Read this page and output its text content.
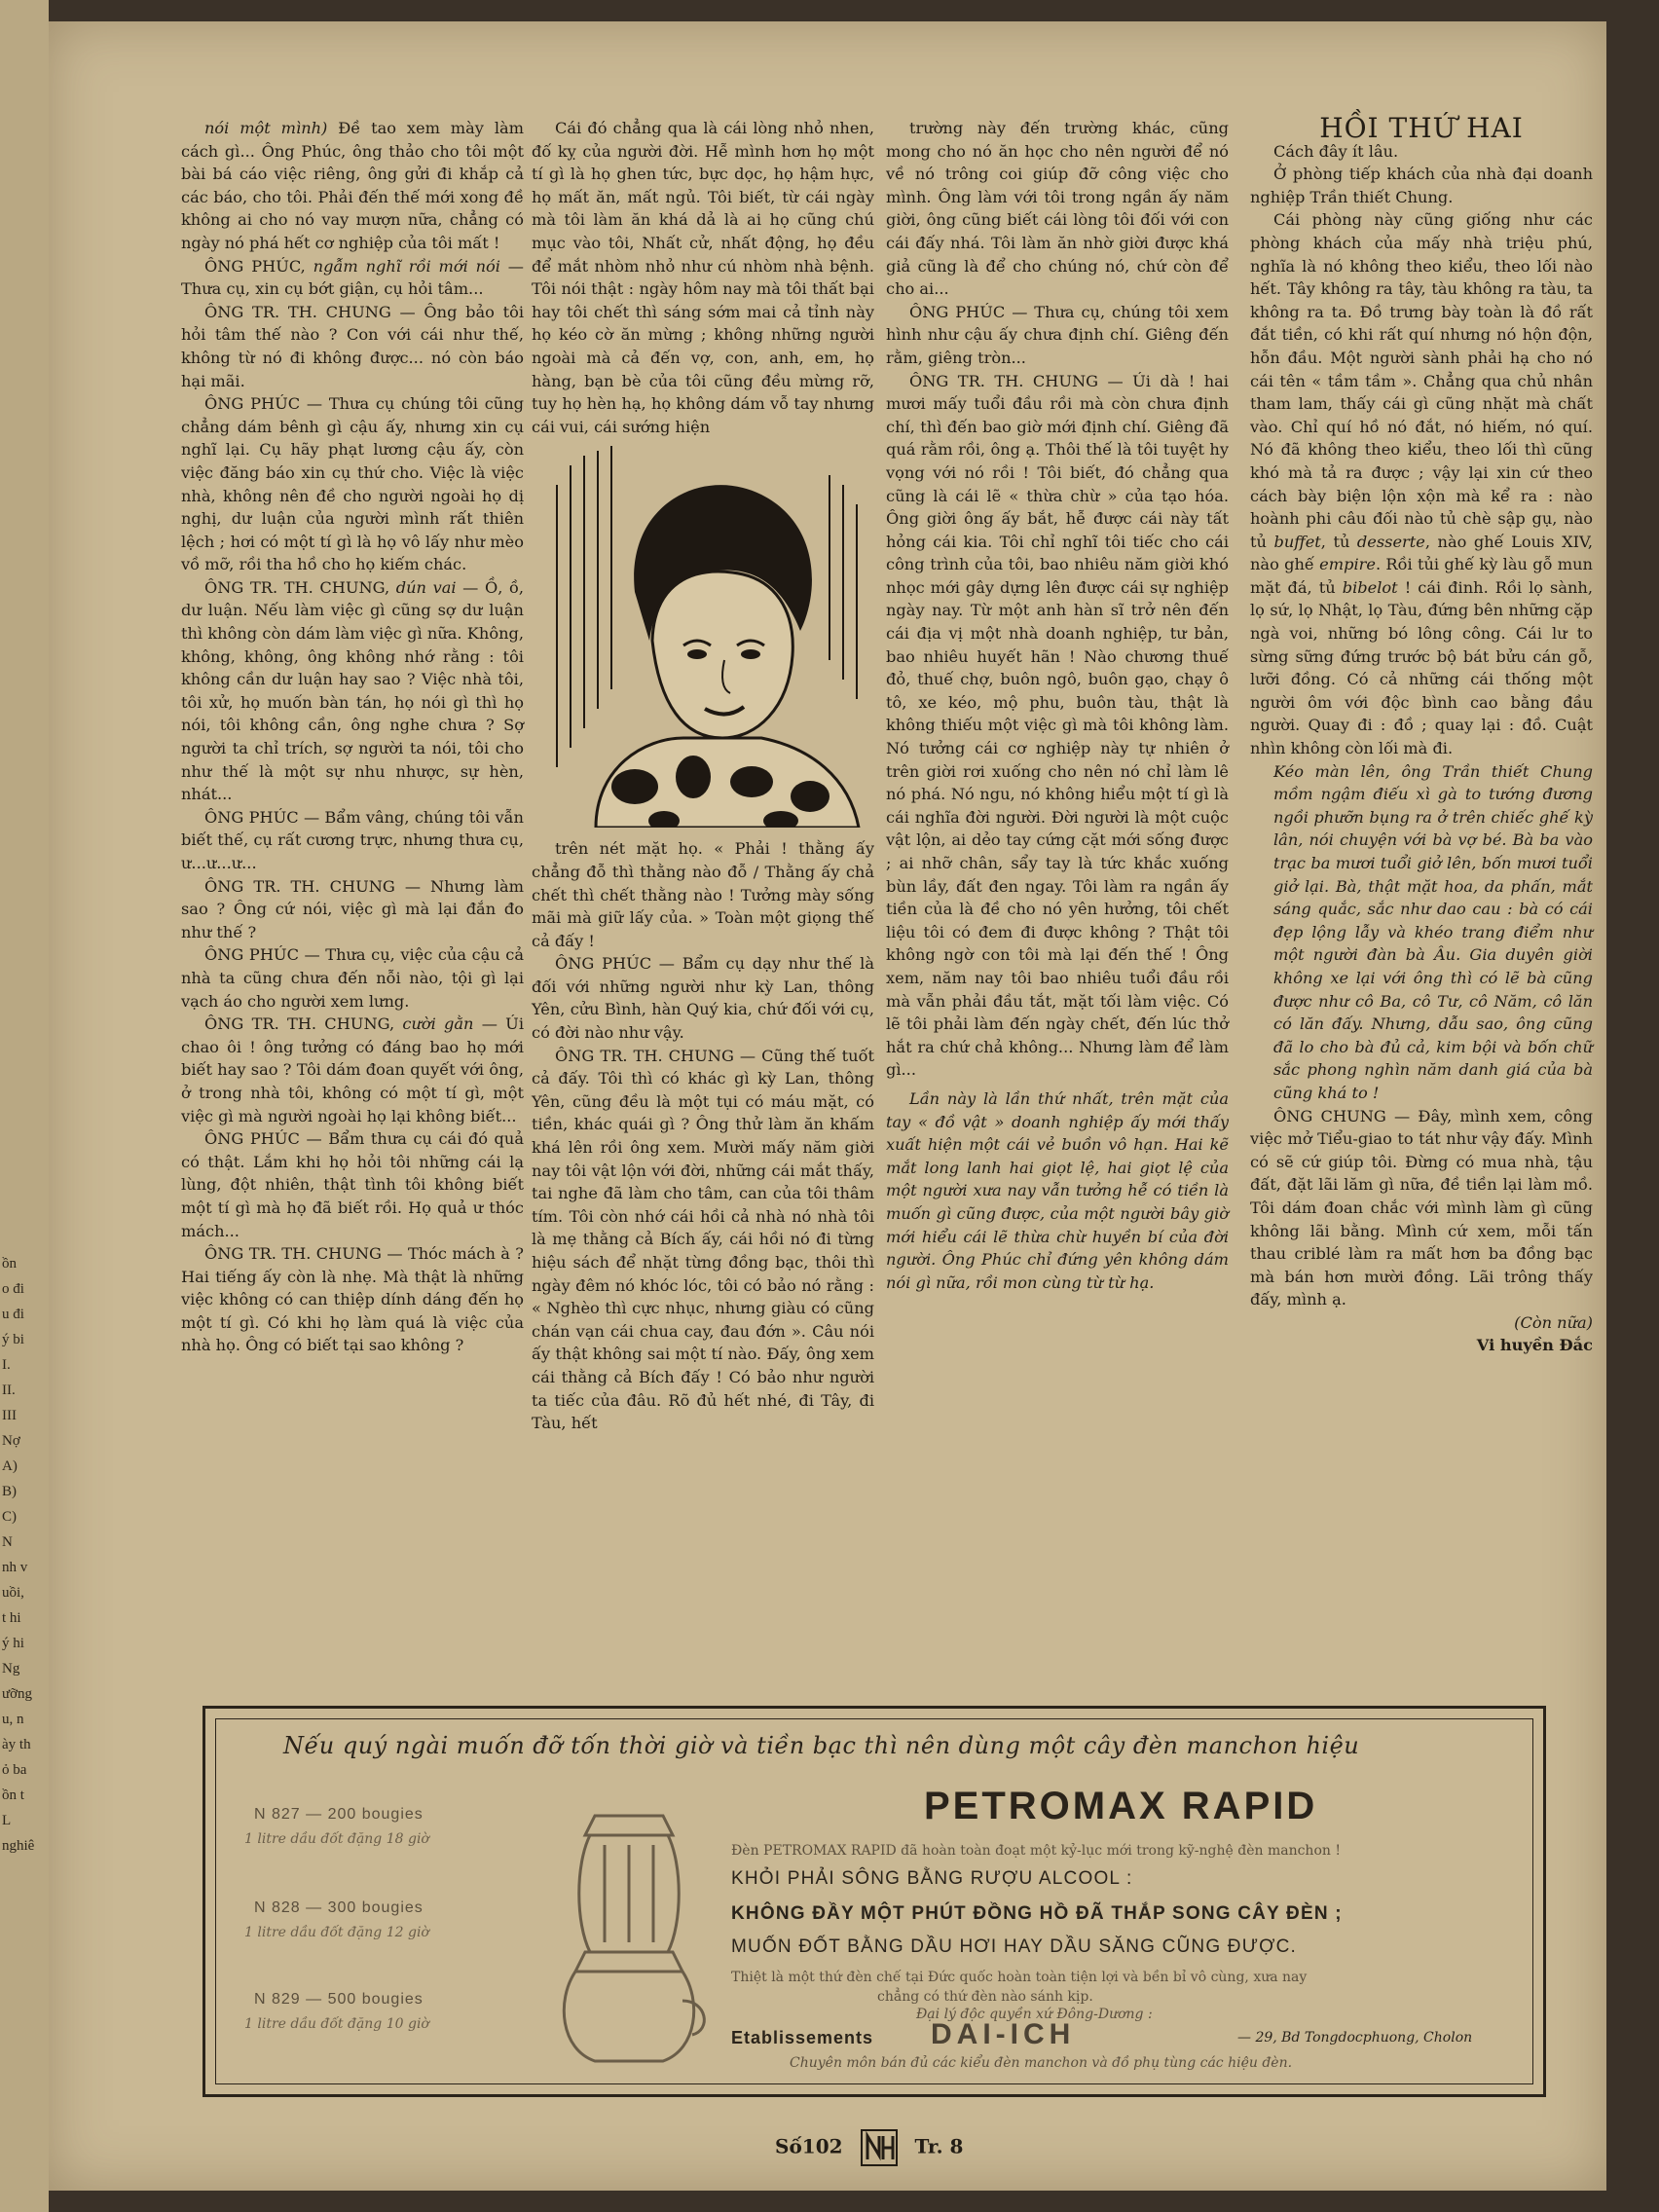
ồn
o đi
u đi
ý bi
I.
II.
III
Nợ
A)
B)
C)
N
nh v
uồi,
t hi
ý hi
Ng
ưỡng
u, n
ày th
ỏ ba
ồn t
L
nghiê

nói một mình) Đề tao xem mày làm cách gì... Ông Phúc, ông thảo cho tôi một bài bá cáo việc riêng, ông gửi đi khắp cả các báo, cho tôi. Phải đến thế mới xong đề không ai cho nó vay mượn nữa, chẳng có ngày nó phá hết cơ nghiệp của tôi mất !

ÔNG PHÚC, ngẫm nghĩ rồi mới nói — Thưa cụ, xin cụ bớt giận, cụ hỏi tâm...

ÔNG TR. TH. CHUNG — Ông bảo tôi hỏi tâm thế nào ? Con với cái như thế, không từ nó đi không được... nó còn báo hại mãi.

ÔNG PHÚC — Thưa cụ chúng tôi cũng chẳng dám bênh gì cậu ấy, nhưng xin cụ nghĩ lại. Cụ hãy phạt lương cậu ấy, còn việc đăng báo xin cụ thứ cho. Việc là việc nhà, không nên đề cho người ngoài họ dị nghị, dư luận của người mình rất thiên lệch ; hơi có một tí gì là họ vô lấy như mèo vồ mỡ, rồi tha hồ cho họ kiếm chác.

ÔNG TR. TH. CHUNG, dún vai — Ồ, ồ, dư luận. Nếu làm việc gì cũng sợ dư luận thì không còn dám làm việc gì nữa. Không, không, không, ông không nhớ rằng : tôi không cần dư luận hay sao ? Việc nhà tôi, tôi xử, họ muốn bàn tán, họ nói gì thì họ nói, tôi không cần, ông nghe chưa ? Sợ người ta chỉ trích, sợ người ta nói, tôi cho như thế là một sự nhu nhược, sự hèn, nhát...

ÔNG PHÚC — Bẩm vâng, chúng tôi vẫn biết thế, cụ rất cương trực, nhưng thưa cụ, ư...ư...ư...

ÔNG TR. TH. CHUNG — Nhưng làm sao ? Ông cứ nói, việc gì mà lại đắn đo như thế ?

ÔNG PHÚC — Thưa cụ, việc của cậu cả nhà ta cũng chưa đến nỗi nào, tội gì lại vạch áo cho người xem lưng.

ÔNG TR. TH. CHUNG, cười gằn — Úi chao ôi ! ông tưởng có đáng bao họ mới biết hay sao ? Tôi dám đoan quyết với ông, ở trong nhà tôi, không có một tí gì, một việc gì mà người ngoài họ lại không biết...

ÔNG PHÚC — Bẩm thưa cụ cái đó quả có thật. Lắm khi họ hỏi tôi những cái lạ lùng, đột nhiên, thật tình tôi không biết một tí gì mà họ đã biết rồi. Họ quả ư thóc mách...

ÔNG TR. TH. CHUNG — Thóc mách à ? Hai tiếng ấy còn là nhẹ. Mà thật là những việc không có can thiệp dính dáng đến họ một tí gì. Có khi họ làm quá là việc của nhà họ. Ông có biết tại sao không ?

Cái đó chẳng qua là cái lòng nhỏ nhen, đố kỵ của người đời. Hễ mình hơn họ một tí gì là họ ghen tức, bực dọc, họ hậm hực, họ mất ăn, mất ngủ. Tôi biết, từ cái ngày mà tôi làm ăn khá dả là ai họ cũng chú mục vào tôi, Nhất cử, nhất động, họ đều để mắt nhòm nhỏ như cú nhòm nhà bệnh. Tôi nói thật : ngày hôm nay mà tôi thất bại hay tôi chết thì sáng sớm mai cả tỉnh này họ kéo cờ ăn mừng ; không những người ngoài mà cả đến vợ, con, anh, em, họ hàng, bạn bè của tôi cũng đều mừng rỡ, tuy họ hèn hạ, họ không dám vỗ tay nhưng cái vui, cái sướng hiện

trên nét mặt họ. « Phải ! thằng ấy chẳng đỗ thì thằng nào đỗ / Thằng ấy chả chết thì chết thằng nào ! Tưởng mày sống mãi mà giữ lấy của. » Toàn một giọng thế cả đấy !

ÔNG PHÚC — Bẩm cụ dạy như thế là đối với những người như kỳ Lan, thông Yên, cửu Bình, hàn Quý kia, chứ đối với cụ, có đời nào như vậy.

ÔNG TR. TH. CHUNG — Cũng thế tuốt cả đấy. Tôi thì có khác gì kỳ Lan, thông Yên, cũng đều là một tụi có máu mặt, có tiền, khác quái gì ? Ông thử làm ăn khấm khá lên rồi ông xem. Mười mấy năm giời nay tôi vật lộn với đời, những cái mắt thấy, tai nghe đã làm cho tâm, can của tôi thâm tím. Tôi còn nhớ cái hồi cả nhà nó nhà tôi là mẹ thằng cả Bích ấy, cái hồi nó đi từng hiệu sách để nhặt từng đồng bạc, thôi thì ngày đêm nó khóc lóc, tôi có bảo nó rằng : « Nghèo thì cực nhục, nhưng giàu có cũng chán vạn cái chua cay, đau đớn ». Câu nói ấy thật không sai một tí nào. Đấy, ông xem cái thằng cả Bích đấy ! Có bảo như người ta tiếc của đâu. Rõ đủ hết nhé, đi Tây, đi Tàu, hết

trường này đến trường khác, cũng mong cho nó ăn học cho nên người để nó về nó trông coi giúp đỡ công việc cho mình. Ông làm với tôi trong ngần ấy năm giời, ông cũng biết cái lòng tôi đối với con cái đấy nhá. Tôi làm ăn nhờ giời được khá giả cũng là để cho chúng nó, chứ còn để cho ai...

ÔNG PHÚC — Thưa cụ, chúng tôi xem hình như cậu ấy chưa định chí. Giêng đến rằm, giêng tròn...

ÔNG TR. TH. CHUNG — Úi dà ! hai mươi mấy tuổi đầu rồi mà còn chưa định chí, thì đến bao giờ mới định chí. Giêng đã quá rằm rồi, ông ạ. Thôi thế là tôi tuyệt hy vọng với nó rồi ! Tôi biết, đó chẳng qua cũng là cái lẽ « thừa chừ » của tạo hóa. Ông giời ông ấy bắt, hễ được cái này tất hỏng cái kia. Tôi chỉ nghĩ tôi tiếc cho cái công trình của tôi, bao nhiêu năm giời khó nhọc mới gây dựng lên được cái sự nghiệp ngày nay. Từ một anh hàn sĩ trở nên đến cái địa vị một nhà doanh nghiệp, tư bản, bao nhiêu huyết hãn ! Nào chương thuế đỏ, thuế chợ, buôn ngô, buôn gạo, chạy ô tô, xe kéo, mộ phu, buôn tàu, thật là không thiếu một việc gì mà tôi không làm. Nó tưởng cái cơ nghiệp này tự nhiên ở trên giời rơi xuống cho nên nó chỉ làm lê nó phá. Nó ngu, nó không hiểu một tí gì là cái nghĩa đời người. Đời người là một cuộc vật lộn, ai dẻo tay cứng cặt mới sống được ; ai nhỡ chân, sẩy tay là tức khắc xuống bùn lầy, đất đen ngay. Tôi làm ra ngần ấy tiền của là đề cho nó yên hưởng, tôi chết liệu tôi có đem đi được không ? Thật tôi không ngờ con tôi mà lại đến thế ! Ông xem, năm nay tôi bao nhiêu tuổi đầu rồi mà vẫn phải đầu tắt, mặt tối làm việc. Có lẽ tôi phải làm đến ngày chết, đến lúc thở hắt ra chứ chả không... Nhưng làm để làm gì...

Lần này là lần thứ nhất, trên mặt của tay « đồ vật » doanh nghiệp ấy mới thấy xuất hiện một cái vẻ buồn vô hạn. Hai kẽ mắt long lanh hai giọt lệ, hai giọt lệ của một người xưa nay vẫn tưởng hễ có tiền là muốn gì cũng được, của một người bây giờ mới hiểu cái lẽ thừa chừ huyền bí của đời người. Ông Phúc chỉ đứng yên không dám nói gì nữa, rồi mon cùng từ từ hạ.

HỒI THỨ HAI

Cách đây ít lâu.

Ở phòng tiếp khách của nhà đại doanh nghiệp Trần thiết Chung.

Cái phòng này cũng giống như các phòng khách của mấy nhà triệu phú, nghĩa là nó không theo kiểu, theo lối nào hết. Tây không ra tây, tàu không ra tàu, ta không ra ta. Đồ trưng bày toàn là đồ rất đắt tiền, có khi rất quí nhưng nó hộn độn, hỗn đầu. Một người sành phải hạ cho nó cái tên « tầm tầm ». Chẳng qua chủ nhân tham lam, thấy cái gì cũng nhặt mà chất vào. Chỉ quí hồ nó đắt, nó hiếm, nó quí. Nó đã không theo kiểu, theo lối thì cũng khó mà tả ra được ; vậy lại xin cứ theo cách bày biện lộn xộn mà kể ra : nào hoành phi câu đối nào tủ chè sập gụ, nào tủ buffet, tủ desserte, nào ghế Louis XIV, nào ghế empire. Rồi tủi ghế kỳ làu gỗ mun mặt đá, tủ bibelot ! cái đinh. Rồi lọ sành, lọ sứ, lọ Nhật, lọ Tàu, đứng bên những cặp ngà voi, những bó lông công. Cái lư to sừng sững đứng trước bộ bát bửu cán gỗ, lưỡi đồng. Có cả những cái thống một người ôm với độc bình cao bằng đầu người. Quay đi : đồ ; quay lại : đồ. Cuật nhìn không còn lối mà đi.

Kéo màn lên, ông Trần thiết Chung mồm ngậm điếu xì gà to tướng đương ngồi phưỡn bụng ra ở trên chiếc ghế kỳ lân, nói chuyện với bà vợ bé. Bà ba vào trạc ba mươi tuổi giở lên, bốn mươi tuổi giở lại. Bà, thật mặt hoa, da phấn, mắt sáng quắc, sắc như dao cau : bà có cái đẹp lộng lẫy và khéo trang điểm như một người đàn bà Âu. Gia duyên giời không xe lại với ông thì có lẽ bà cũng được như cô Ba, cô Tư, cô Năm, cô lăn có lăn đấy. Nhưng, dẫu sao, ông cũng đã lo cho bà đủ cả, kim bội và bốn chữ sắc phong nghìn năm danh giá của bà cũng khá to !

ÔNG CHUNG — Đây, mình xem, công việc mở Tiểu-giao to tát như vậy đấy. Mình có sẽ cứ giúp tôi. Đừng có mua nhà, tậu đất, đặt lãi lăm gì nữa, đề tiền lại làm mồ. Tôi dám đoan chắc với mình làm gì cũng không lãi bằng. Mình cứ xem, mỗi tấn thau criblé làm ra mất hơn ba đồng bạc mà bán hơn mười đồng. Lãi trông thấy đấy, mình ạ.

(Còn nữa)

Vi huyền Đắc

Nếu quý ngài muốn đỡ tốn thời giờ và tiền bạc thì nên dùng một cây đèn manchon hiệu
PETROMAX RAPID
N 827 — 200 bougies
1 litre dầu đốt đặng 18 giờ
N 828 — 300 bougies
1 litre dầu đốt đặng 12 giờ
N 829 — 500 bougies
1 litre dầu đốt đặng 10 giờ
Đèn PETROMAX RAPID đã hoàn toàn đoạt một kỷ-lục mới trong kỹ-nghệ đèn manchon !
KHỎI PHẢI SÔNG BẰNG RƯỢU ALCOOL :
KHÔNG ĐẦY MỘT PHÚT ĐỒNG HỒ ĐÃ THẮP SONG CÂY ĐÈN ;
MUỐN ĐỐT BẰNG DẦU HƠI HAY DẦU SĂNG CŨNG ĐƯỢC.
Thiệt là một thứ đèn chế tại Đức quốc hoàn toàn tiện lợi và bền bỉ vô cùng, xưa nay
chẳng có thứ đèn nào sánh kịp.
Đại lý độc quyền xứ Đông-Dương :
Etablissements DAI-ICH	— 29, Bd Tongdocphuong, Cholon
Chuyên môn bán đủ các kiểu đèn manchon và đồ phụ tùng các hiệu đèn.
Số102	Tr. 8
